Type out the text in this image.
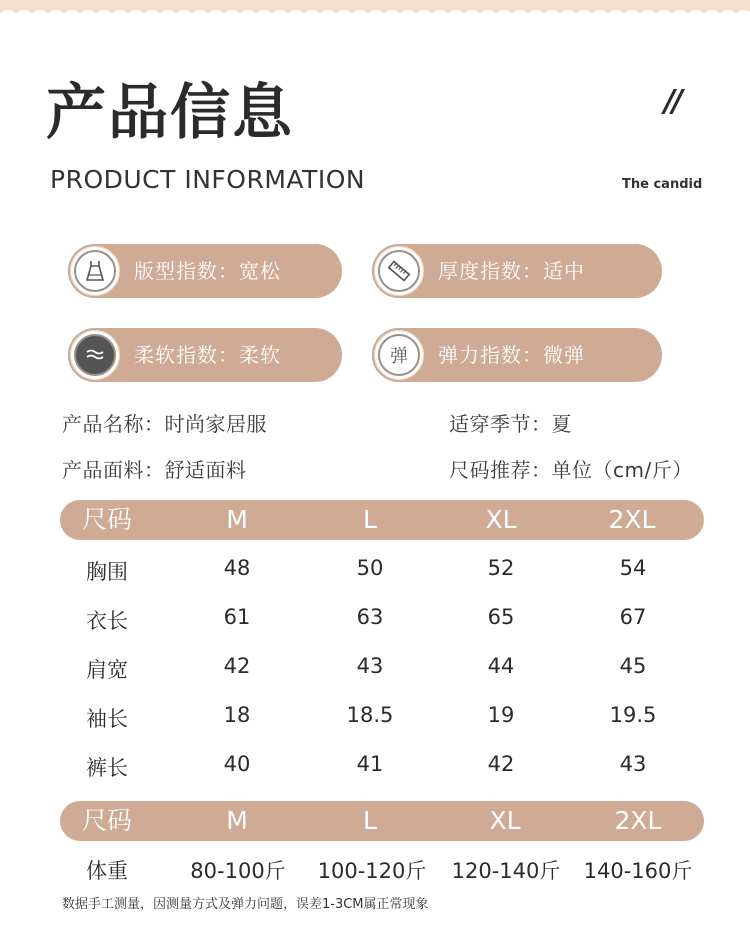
产品信息	//
PRODUCT INFORMATION	The candid
版型指数：宽松	厚度指数：适中
柔软指数：柔软	弹 弹力指数：微弹
产品名称：时尚家居服	适穿季节：夏
产品面料：舒适面料	尺码推荐：单位（cm/斤）
尺码	M	L	XL	2XL
胸围	48	50	52	54
衣长	61	63	65	67
肩宽	42	43	44	45
袖长	18	18.5	19	19.5
裤长	40	41	42	43
尺码	M	L	XL	2XL
体重	80-100斤 100-120斤 120-140斤 140-160斤
数据手工测量，因测量方式及弹力问题，误差1-3CM属正常现象
